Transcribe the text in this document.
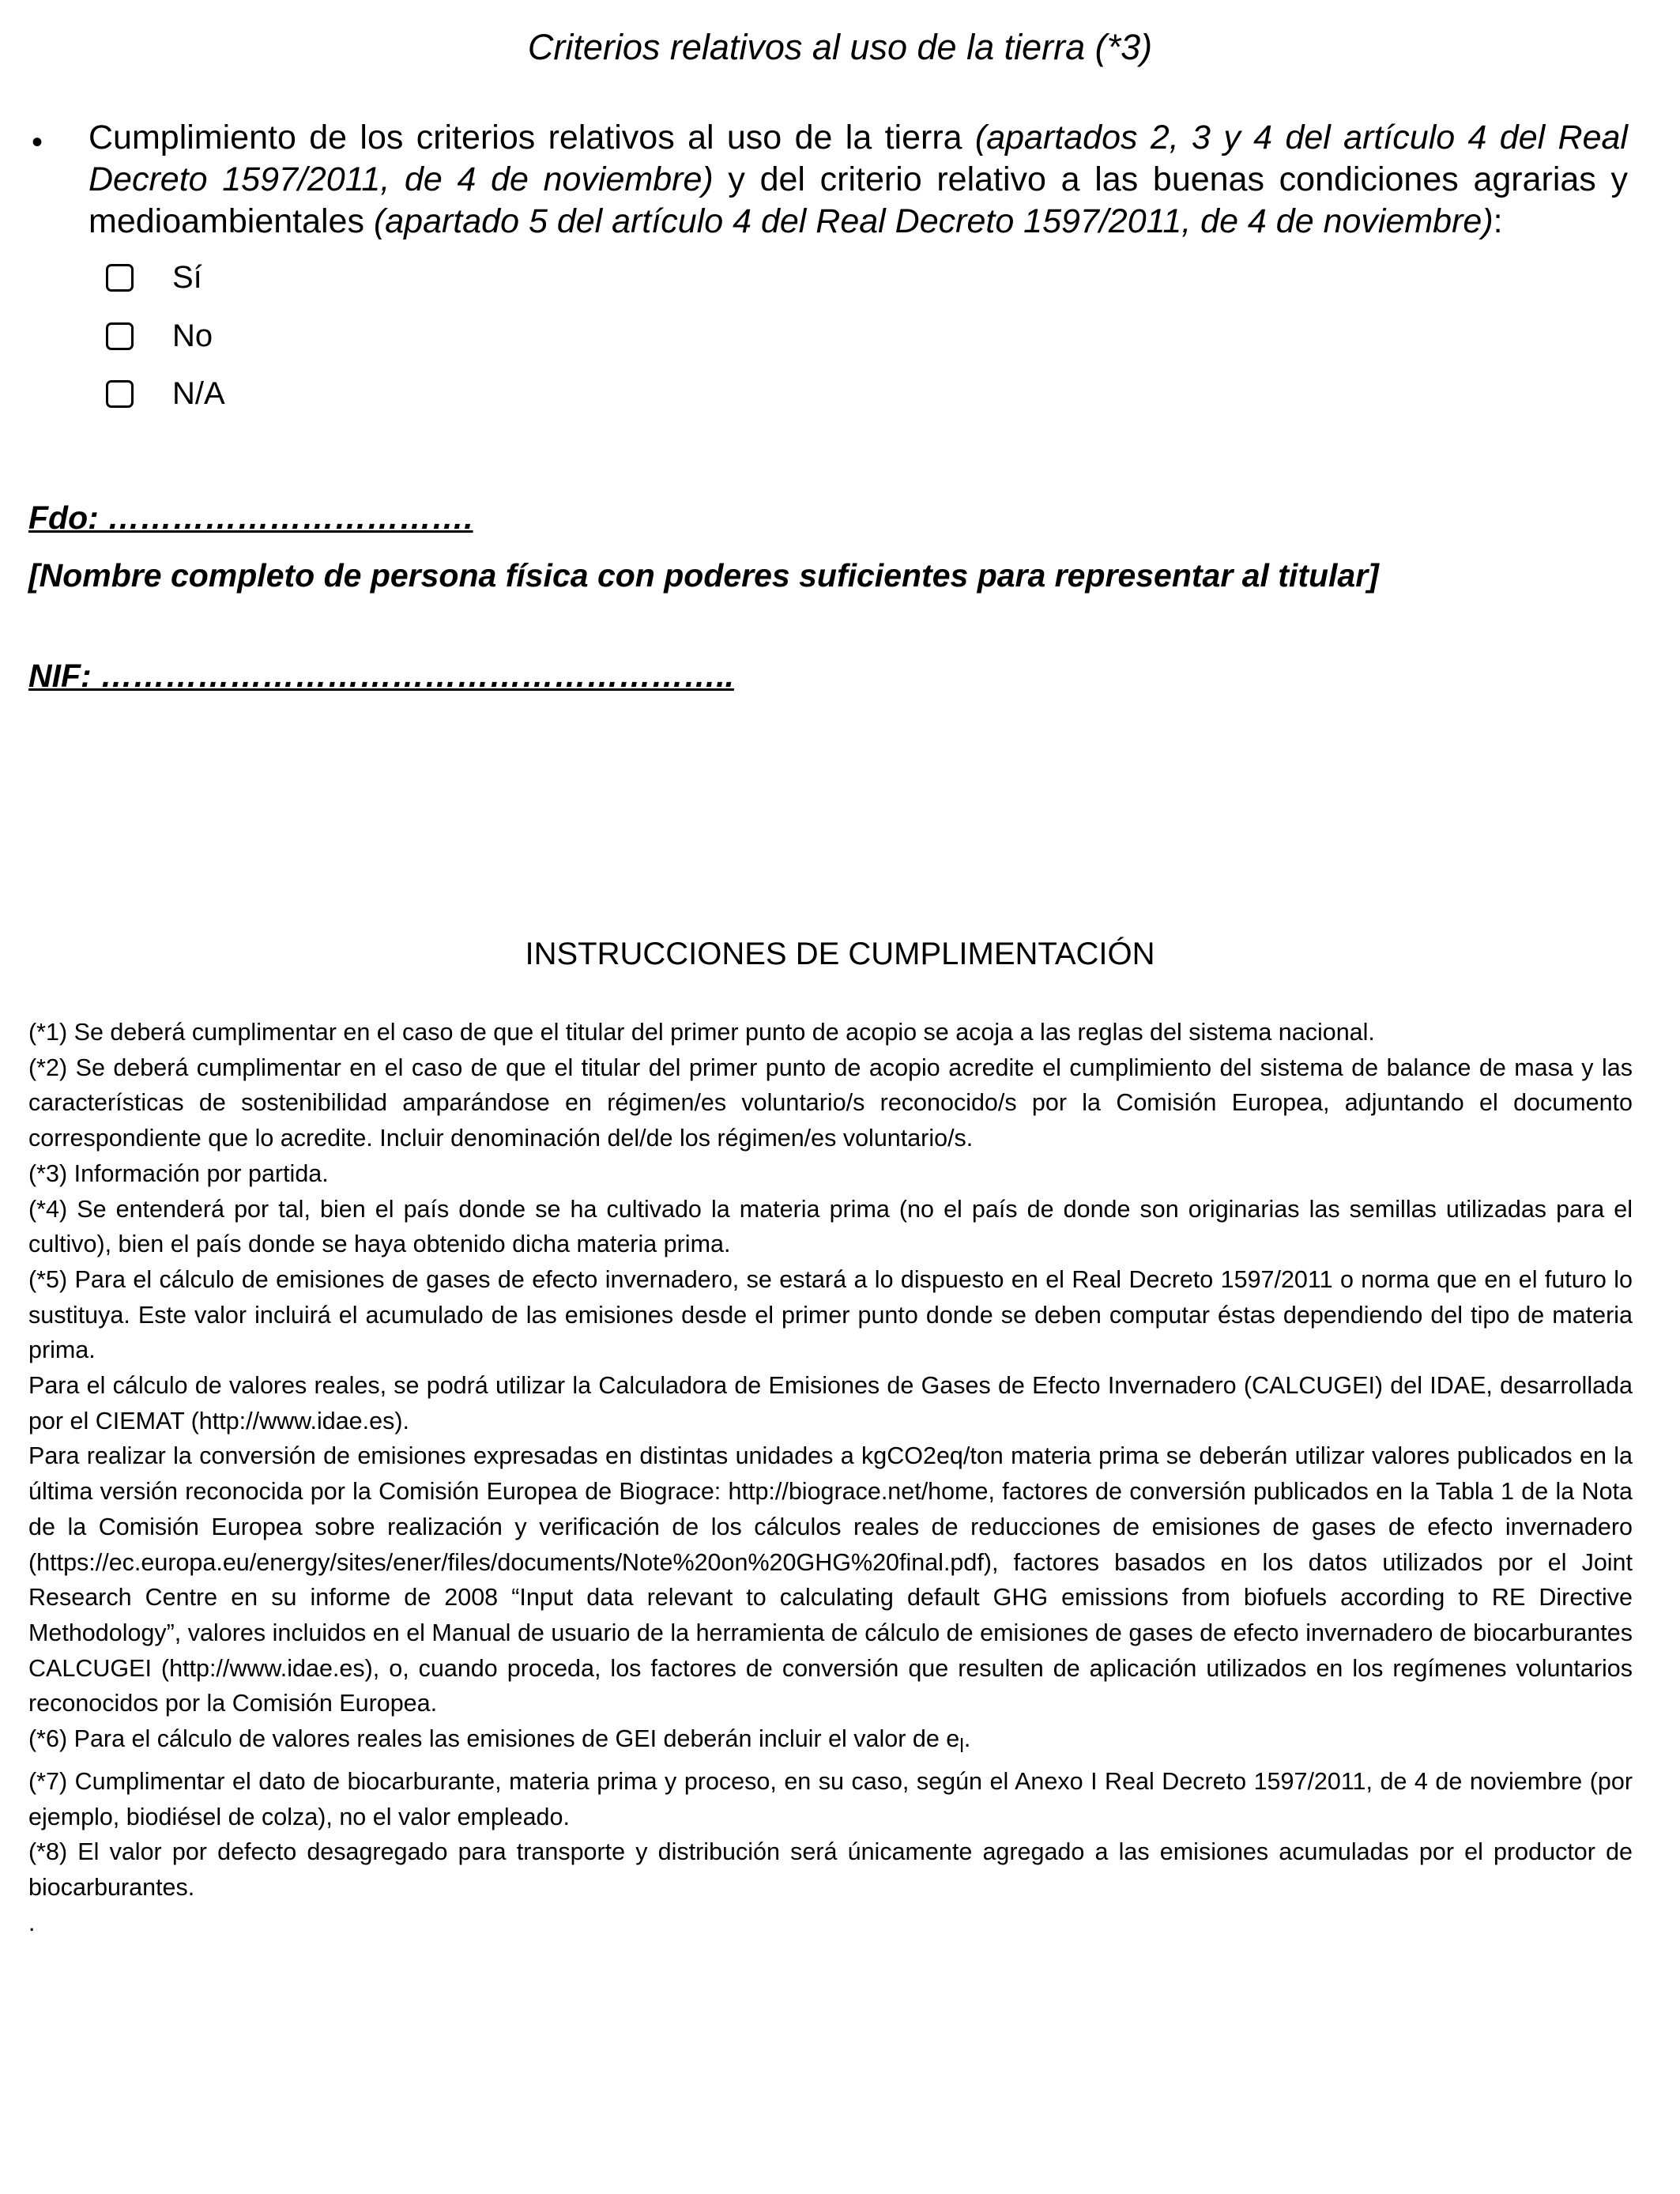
Criterios relativos al uso de la tierra (*3)
• Cumplimiento de los criterios relativos al uso de la tierra (apartados 2, 3 y 4 del artículo 4 del Real Decreto 1597/2011, de 4 de noviembre) y del criterio relativo a las buenas condiciones agrarias y medioambientales (apartado 5 del artículo 4 del Real Decreto 1597/2011, de 4 de noviembre):
Sí
No
N/A
Fdo: …………………………….
[Nombre completo de persona física con poderes suficientes para representar al titular]
NIF: …………………………………………………..
INSTRUCCIONES DE CUMPLIMENTACIÓN

(*1) Se deberá cumplimentar en el caso de que el titular del primer punto de acopio se acoja a las reglas del sistema nacional.

(*2) Se deberá cumplimentar en el caso de que el titular del primer punto de acopio acredite el cumplimiento del sistema de balance de masa y las características de sostenibilidad amparándose en régimen/es voluntario/s reconocido/s por la Comisión Europea, adjuntando el documento correspondiente que lo acredite. Incluir denominación del/de los régimen/es voluntario/s.

(*3) Información por partida.

(*4) Se entenderá por tal, bien el país donde se ha cultivado la materia prima (no el país de donde son originarias las semillas utilizadas para el cultivo), bien el país donde se haya obtenido dicha materia prima.

(*5) Para el cálculo de emisiones de gases de efecto invernadero, se estará a lo dispuesto en el Real Decreto 1597/2011 o norma que en el futuro lo sustituya. Este valor incluirá el acumulado de las emisiones desde el primer punto donde se deben computar éstas dependiendo del tipo de materia prima.

Para el cálculo de valores reales, se podrá utilizar la Calculadora de Emisiones de Gases de Efecto Invernadero (CALCUGEI) del IDAE, desarrollada por el CIEMAT (http://www.idae.es).

Para realizar la conversión de emisiones expresadas en distintas unidades a kgCO2eq/ton materia prima se deberán utilizar valores publicados en la última versión reconocida por la Comisión Europea de Biograce: http://biograce.net/home, factores de conversión publicados en la Tabla 1 de la Nota de la Comisión Europea sobre realización y verificación de los cálculos reales de reducciones de emisiones de gases de efecto invernadero (https://ec.europa.eu/energy/sites/ener/files/documents/Note%20on%20GHG%20final.pdf), factores basados en los datos utilizados por el Joint Research Centre en su informe de 2008 “Input data relevant to calculating default GHG emissions from biofuels according to RE Directive Methodology”, valores incluidos en el Manual de usuario de la herramienta de cálculo de emisiones de gases de efecto invernadero de biocarburantes CALCUGEI (http://www.idae.es), o, cuando proceda, los factores de conversión que resulten de aplicación utilizados en los regímenes voluntarios reconocidos por la Comisión Europea.

(*6) Para el cálculo de valores reales las emisiones de GEI deberán incluir el valor de $e_l$.

(*7) Cumplimentar el dato de biocarburante, materia prima y proceso, en su caso, según el Anexo I Real Decreto 1597/2011, de 4 de noviembre (por ejemplo, biodiésel de colza), no el valor empleado.

(*8) El valor por defecto desagregado para transporte y distribución será únicamente agregado a las emisiones acumuladas por el productor de biocarburantes.

.
